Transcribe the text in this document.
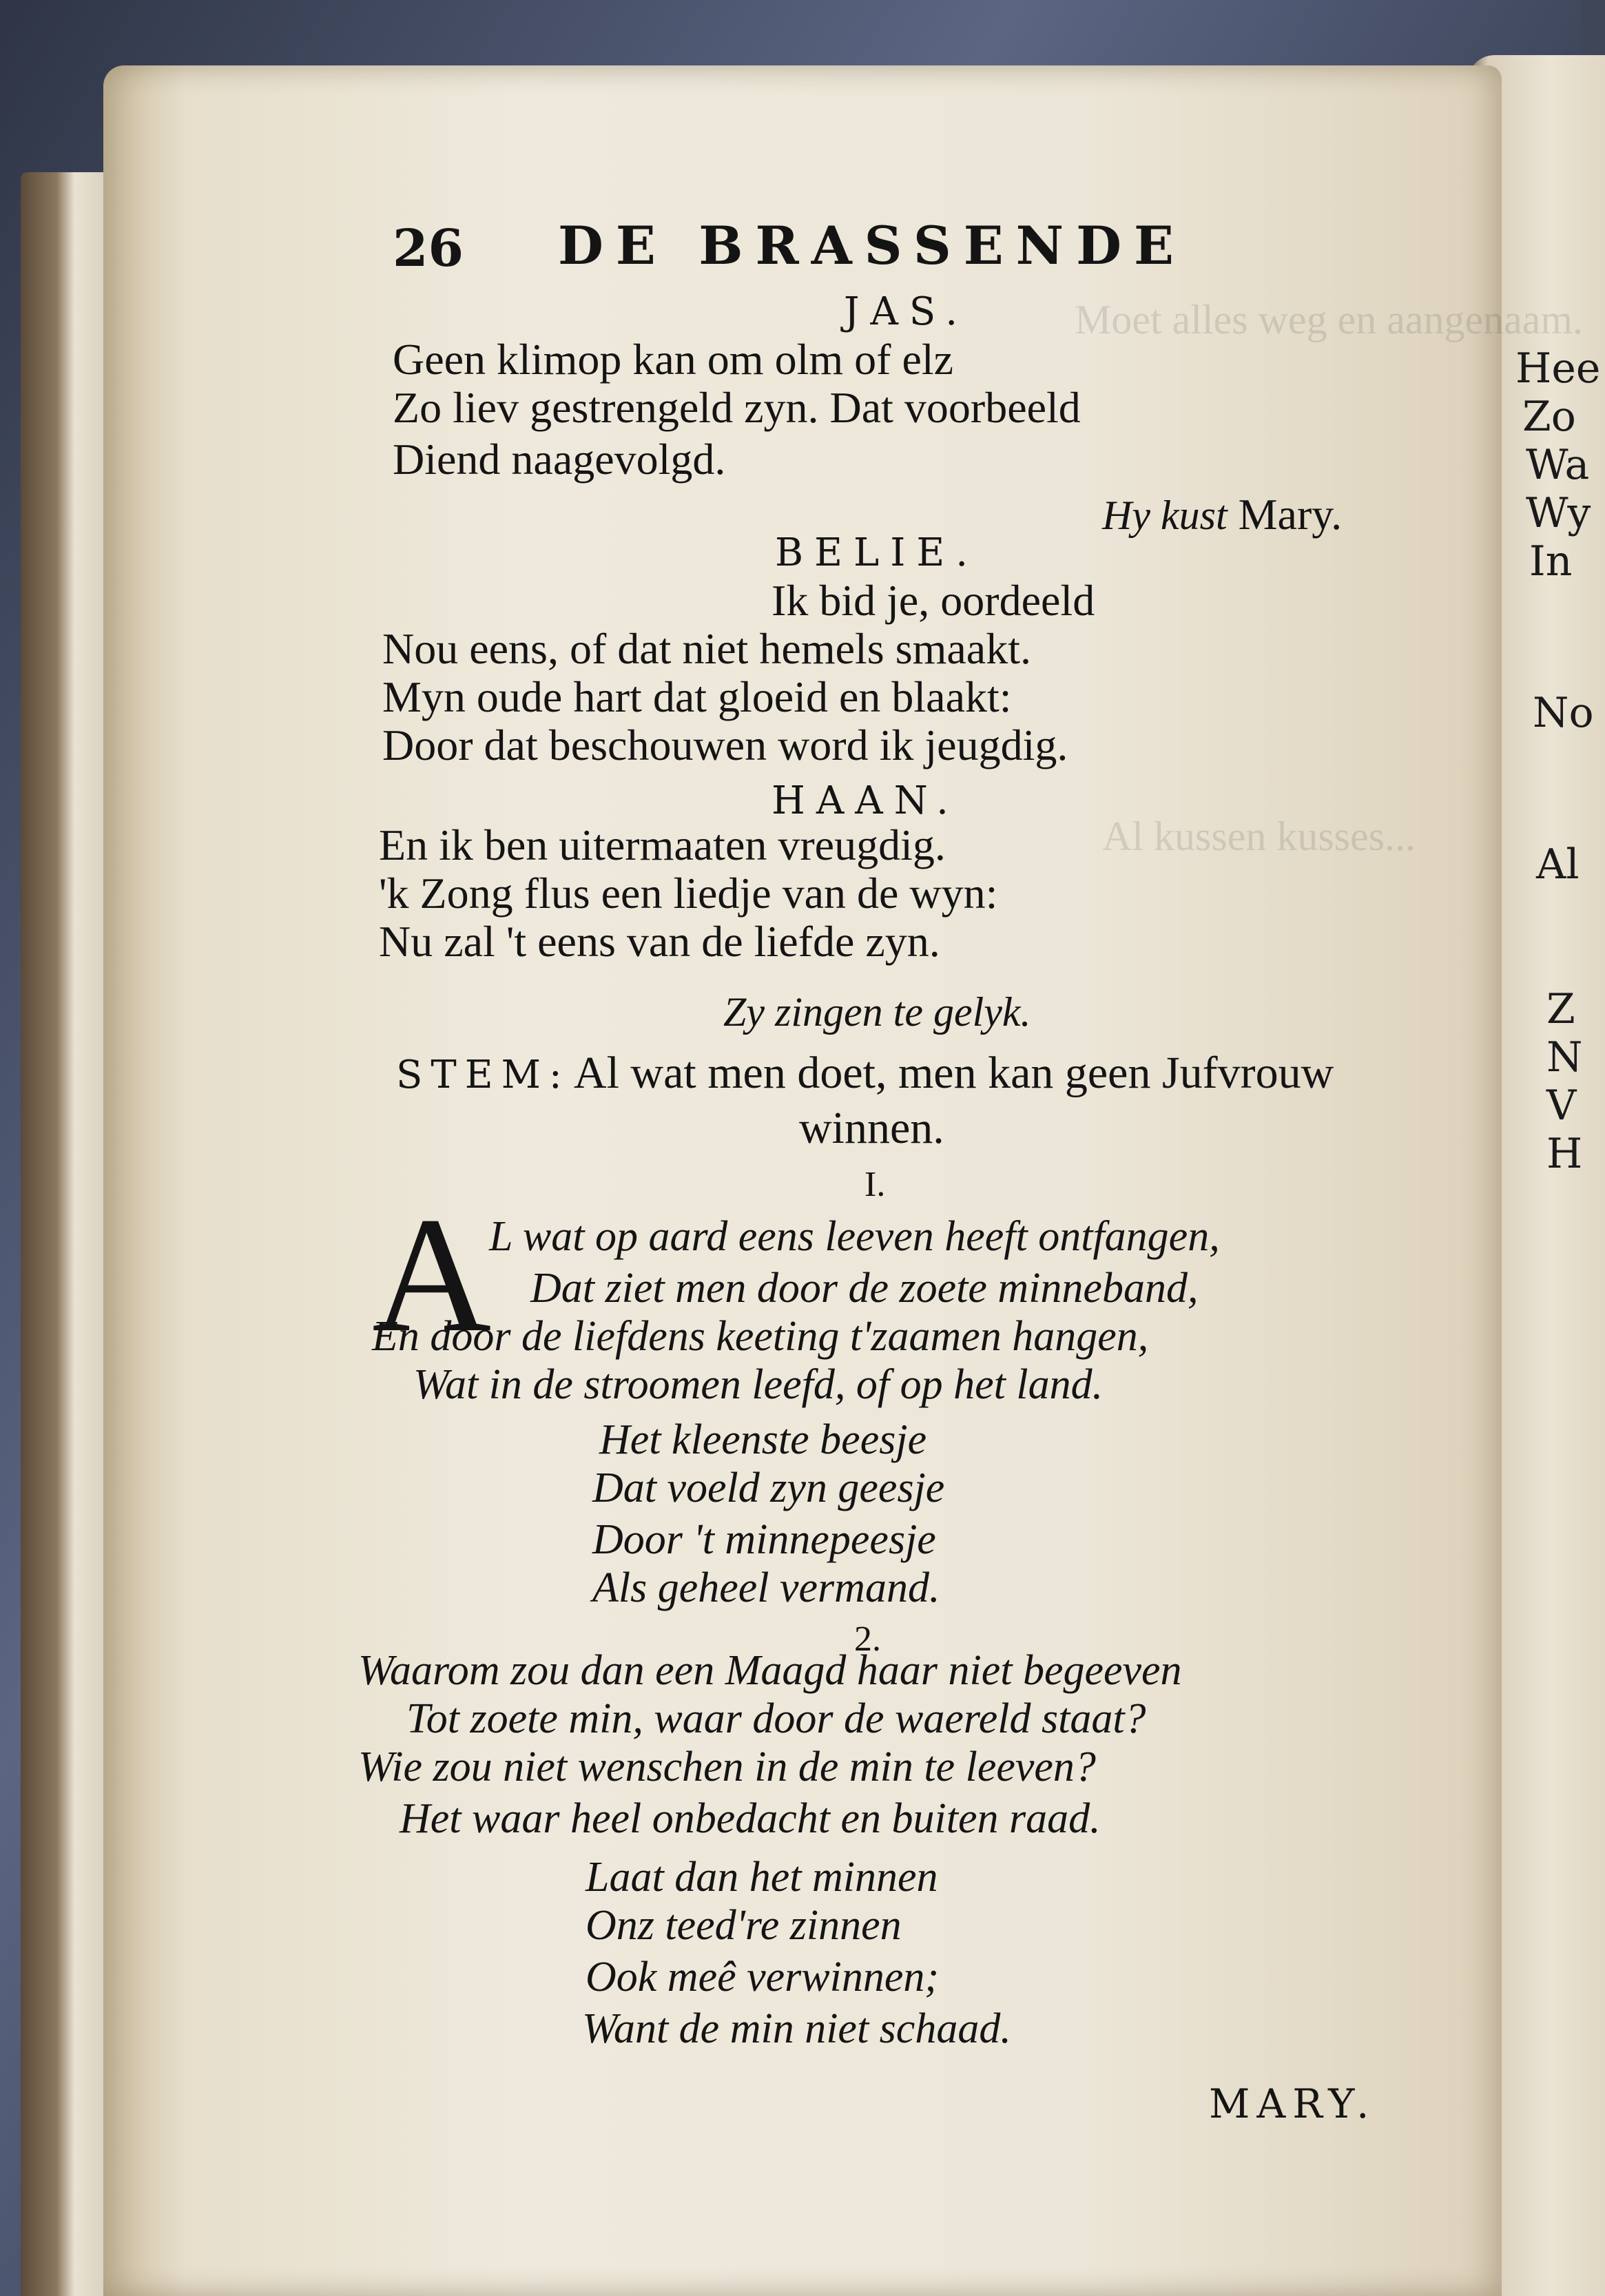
Hee
Zo
Wa
Wy
In
No
Al
Z
N
V
H
Moet alles weg en aangenaam.
Al kussen kusses...
26 DE BRASSENDE
JAS.
Geen klimop kan om olm of elz
Zo liev gestrengeld zyn. Dat voorbeeld
Diend naagevolgd.
Hy kust Mary.
BELIE.
Ik bid je, oordeeld
Nou eens, of dat niet hemels smaakt.
Myn oude hart dat gloeid en blaakt:
Door dat beschouwen word ik jeugdig.
HAAN.
En ik ben uitermaaten vreugdig.
'k Zong flus een liedje van de wyn:
Nu zal 't eens van de liefde zyn.
Zy zingen te gelyk.
STEM: Al wat men doet, men kan geen Jufvrouw
winnen.
I.
A
L wat op aard eens leeven heeft ontfangen,
Dat ziet men door de zoete minneband,
En door de liefdens keeting t'zaamen hangen,
Wat in de stroomen leefd, of op het land.
Het kleenste beesje
Dat voeld zyn geesje
Door 't minnepeesje
Als geheel vermand.
2.
Waarom zou dan een Maagd haar niet begeeven
Tot zoete min, waar door de waereld staat?
Wie zou niet wenschen in de min te leeven?
Het waar heel onbedacht en buiten raad.
Laat dan het minnen
Onz teed're zinnen
Ook meê verwinnen;
Want de min niet schaad.
MARY.
